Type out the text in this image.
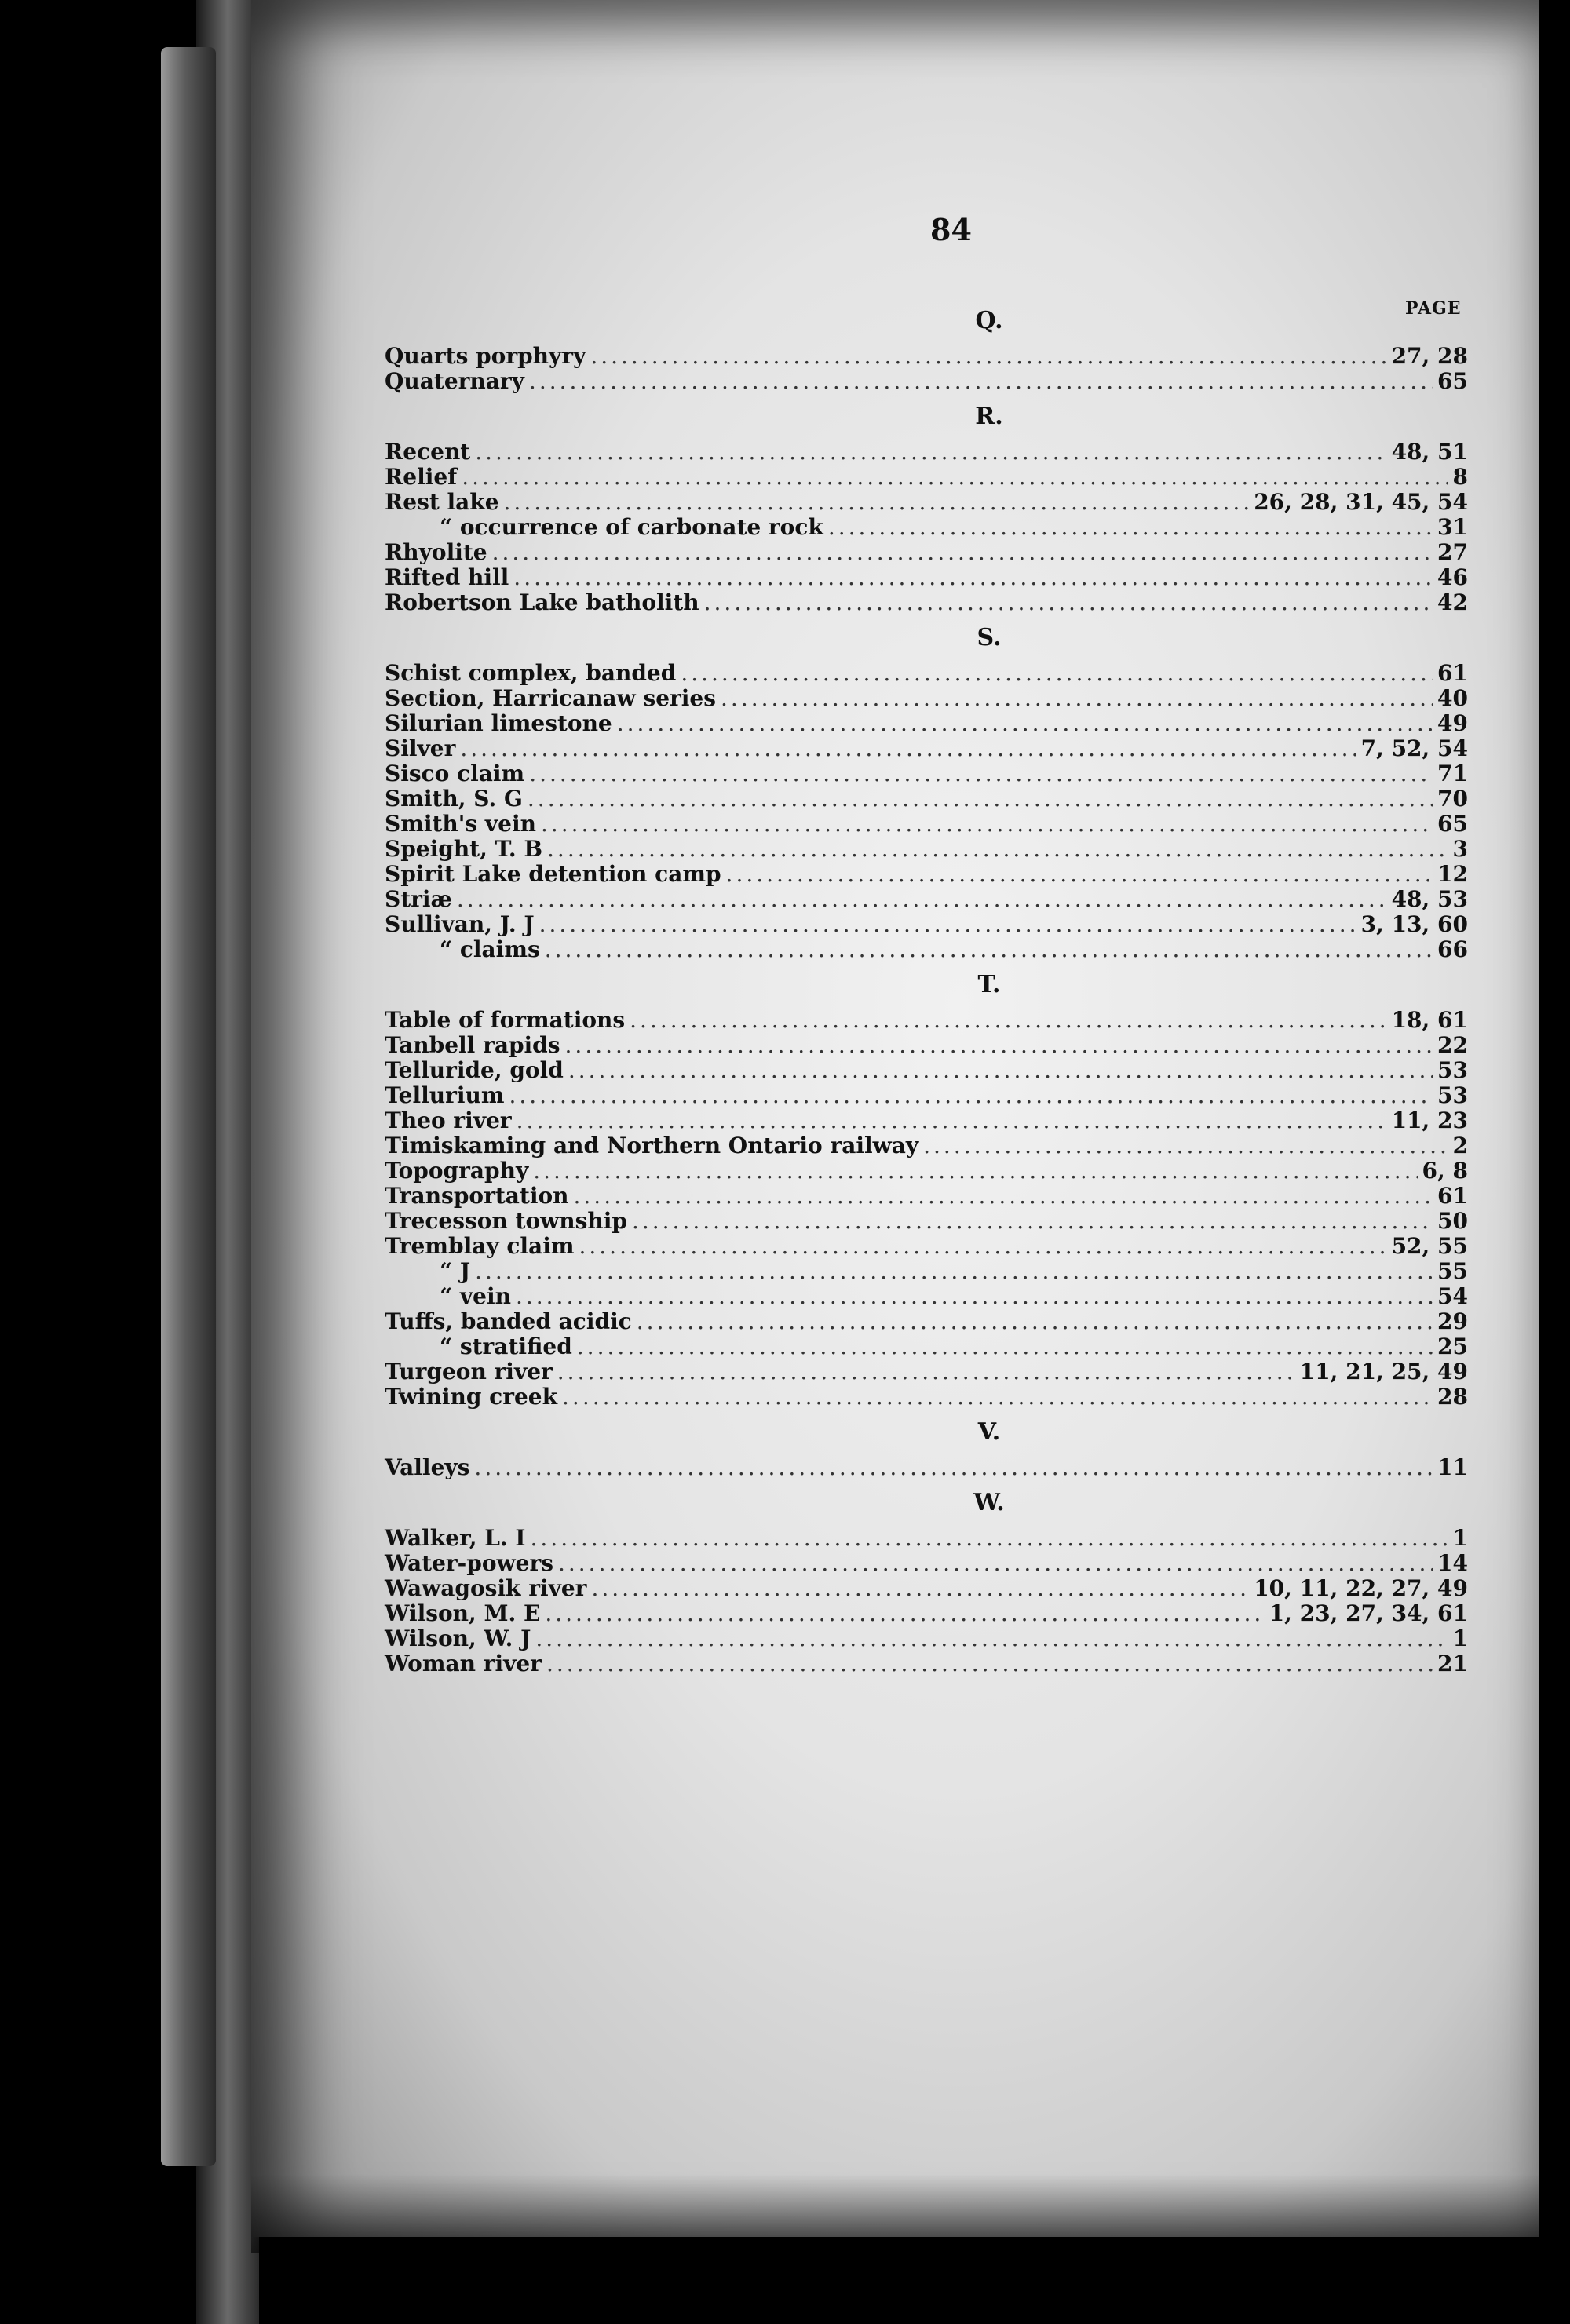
84
PAGE
Q.
Quarts porphyry .....	27, 28
Quaternary .....	65
R.
Recent .....	48, 51
Relief .....	8
Rest lake .....	26, 28, 31, 45, 54
“ occurrence of carbonate rock .....	31
Rhyolite .....	27
Rifted hill .....	46
Robertson Lake batholith .....	42
S.
Schist complex, banded .....	61
Section, Harricanaw series .....	40
Silurian limestone .....	49
Silver .....	7, 52, 54
Sisco claim .....	71
Smith, S. G .....	70
Smith's vein .....	65
Speight, T. B .....	3
Spirit Lake detention camp .....	12
Striæ .....	48, 53
Sullivan, J. J .....	3, 13, 60
“ claims .....	66
T.
Table of formations .....	18, 61
Tanbell rapids .....	22
Telluride, gold .....	53
Tellurium .....	53
Theo river .....	11, 23
Timiskaming and Northern Ontario railway .....	2
Topography .....	6, 8
Transportation .....	61
Trecesson township .....	50
Tremblay claim .....	52, 55
“ J .....	55
“ vein .....	54
Tuffs, banded acidic .....	29
“ stratified .....	25
Turgeon river .....	11, 21, 25, 49
Twining creek .....	28
V.
Valleys .....	11
W.
Walker, L. I .....	1
Water-powers .....	14
Wawagosik river .....	10, 11, 22, 27, 49
Wilson, M. E .....	1, 23, 27, 34, 61
Wilson, W. J .....	1
Woman river .....	21
